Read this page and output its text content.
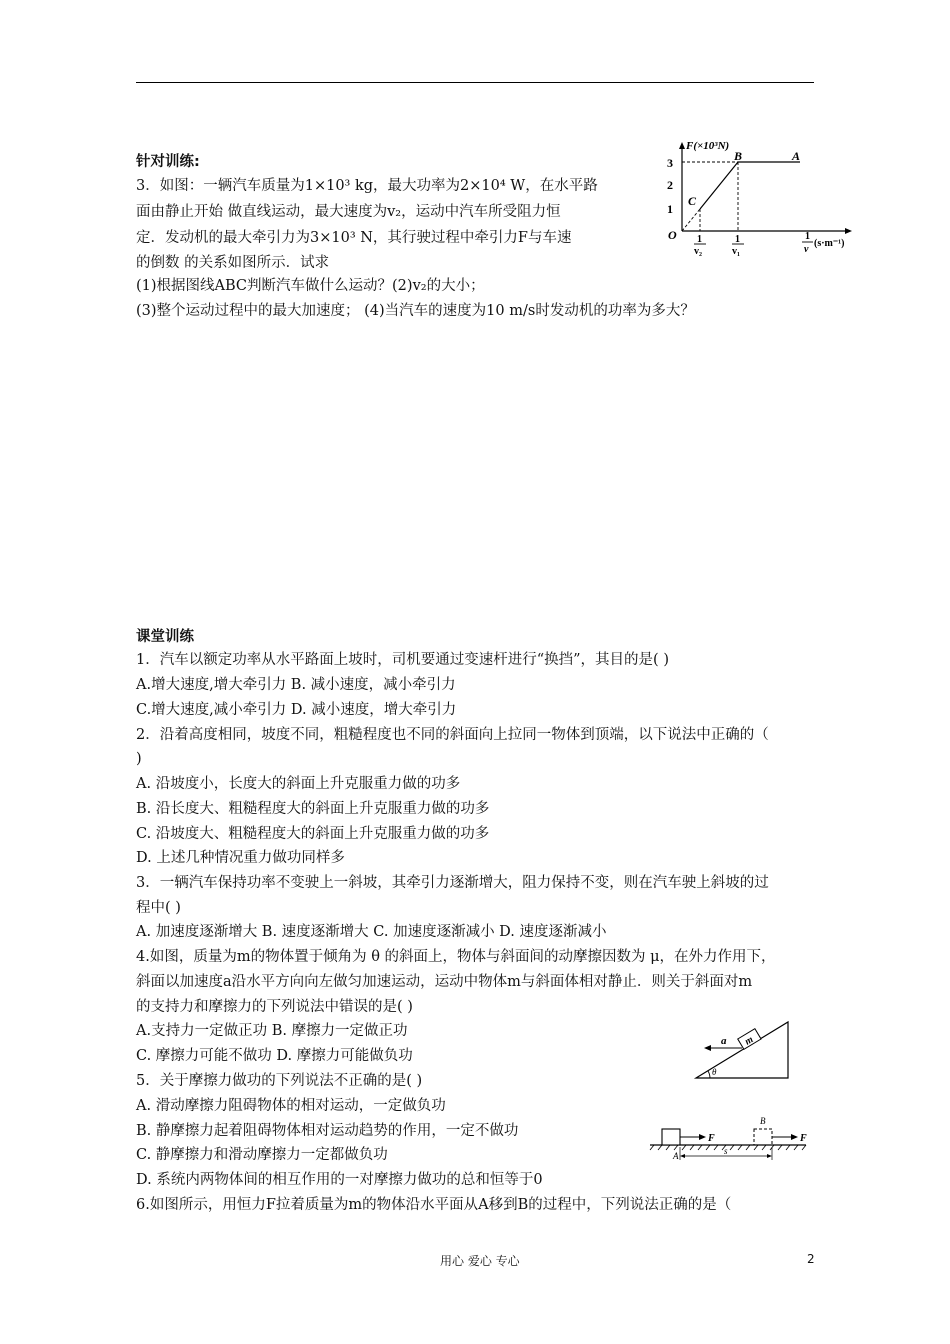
针对训练:
3．如图：一辆汽车质量为1×10³ kg，最大功率为2×10⁴ W，在水平路
面由静止开始 做直线运动，最大速度为v₂，运动中汽车所受阻力恒
定．发动机的最大牵引力为3×10³ N，其行驶过程中牵引力F与车速
的倒数 的关系如图所示．试求
(1)根据图线ABC判断汽车做什么运动？(2)v₂的大小；
(3)整个运动过程中的最大加速度； (4)当汽车的速度为10 m/s时发动机的功率为多大？
F(×10³N)
3
2
1
O
A
B
C
1
v₂
1
v₁
1
v
(s·m⁻¹)
课堂训练
1．汽车以额定功率从水平路面上坡时，司机要通过变速杆进行“换挡”，其目的是( )
A.增大速度,增大牵引力 B. 减小速度，减小牵引力
C.增大速度,减小牵引力 D. 减小速度，增大牵引力
2．沿着高度相同，坡度不同，粗糙程度也不同的斜面向上拉同一物体到顶端，以下说法中正确的（
)
A. 沿坡度小，长度大的斜面上升克服重力做的功多
B. 沿长度大、粗糙程度大的斜面上升克服重力做的功多
C. 沿坡度大、粗糙程度大的斜面上升克服重力做的功多
D. 上述几种情况重力做功同样多
3．一辆汽车保持功率不变驶上一斜坡，其牵引力逐渐增大，阻力保持不变，则在汽车驶上斜坡的过
程中( )
A. 加速度逐渐增大 B. 速度逐渐增大 C. 加速度逐渐减小 D. 速度逐渐减小
4.如图，质量为m的物体置于倾角为 θ 的斜面上，物体与斜面间的动摩擦因数为 μ，在外力作用下，
斜面以加速度a沿水平方向向左做匀加速运动，运动中物体m与斜面体相对静止．则关于斜面对m
的支持力和摩擦力的下列说法中错误的是( )
A.支持力一定做正功 B. 摩擦力一定做正功
C. 摩擦力可能不做功 D. 摩擦力可能做负功
5．关于摩擦力做功的下列说法不正确的是( )
A. 滑动摩擦力阻碍物体的相对运动，一定做负功
B. 静摩擦力起着阻碍物体相对运动趋势的作用，一定不做功
C. 静摩擦力和滑动摩擦力一定都做负功
D. 系统内两物体间的相互作用的一对摩擦力做功的总和恒等于0
6.如图所示，用恒力F拉着质量为m的物体沿水平面从A移到B的过程中，下列说法正确的是（
m
a
θ
F
B
F
A	s
用心 爱心 专心	2
